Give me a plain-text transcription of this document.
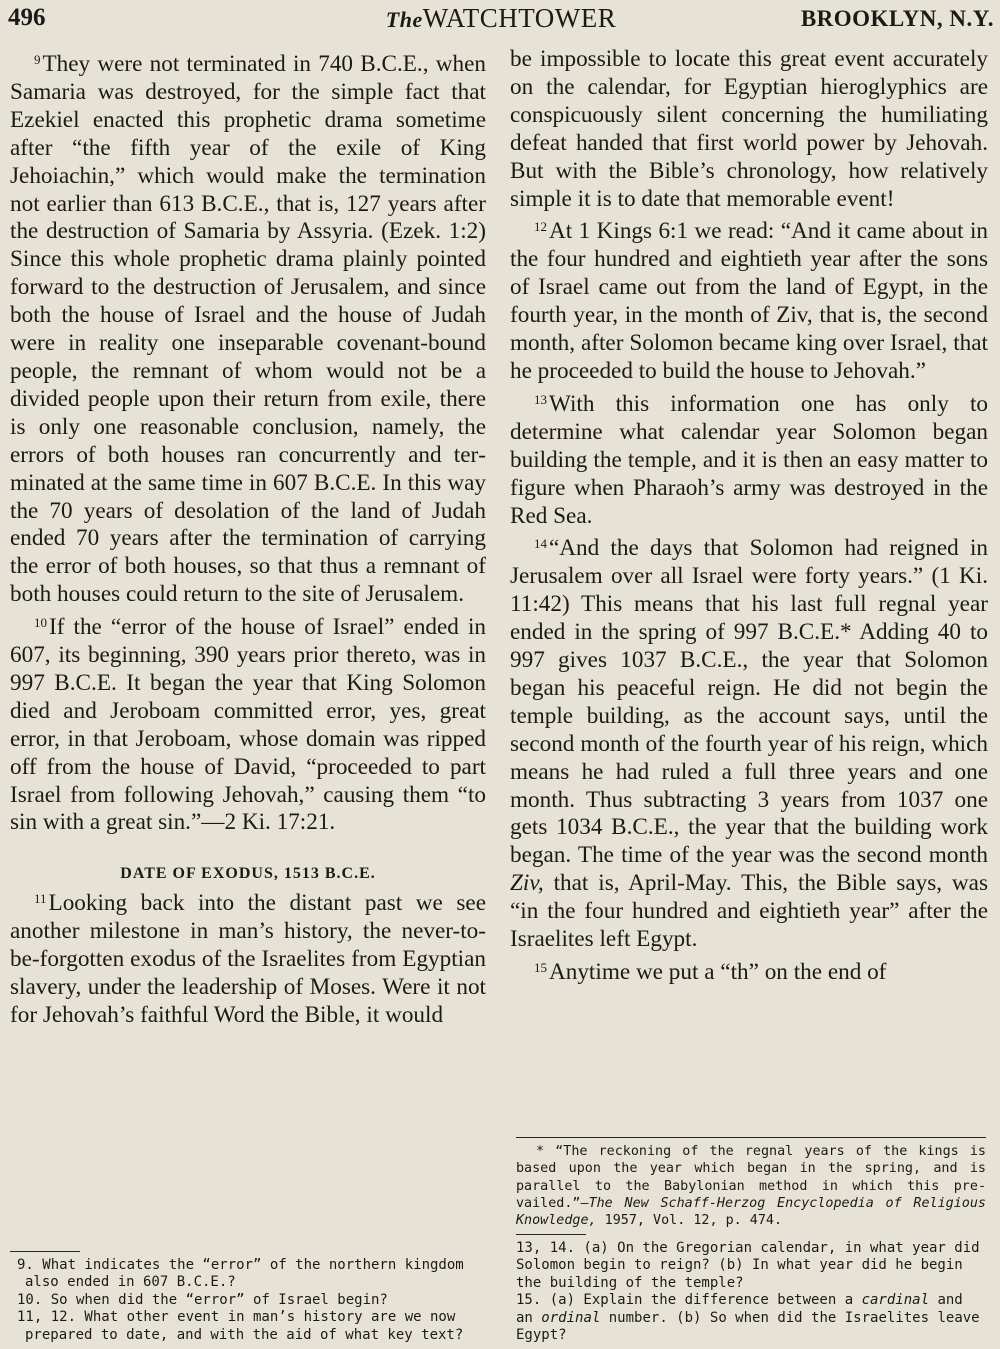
496	TheWATCHTOWER	BROOKLYN, N.Y.

$^9$They were not terminated in 740 B.C.E., when Samaria was destroyed, for the simple fact that Ezekiel enacted this prophetic drama sometime after “the fifth year of the exile of King Jehoiachin,” which would make the termination not earlier than 613 B.C.E., that is, 127 years after the destruction of Samaria by Assyria. (Ezek. 1:2) Since this whole prophetic drama plainly pointed forward to the destruction of Jerusalem, and since both the house of Israel and the house of Judah were in reality one inseparable covenant-bound people, the remnant of whom would not be a divided people upon their return from exile, there is only one reasonable conclusion, namely, the errors of both houses ran concurrently and terminated at the same time in 607 B.C.E. In this way the 70 years of desolation of the land of Judah ended 70 years after the termination of carrying the error of both houses, so that thus a remnant of both houses could return to the site of Jerusalem.

$^{10}$If the “error of the house of Israel” ended in 607, its beginning, 390 years prior thereto, was in 997 B.C.E. It began the year that King Solomon died and Jeroboam committed error, yes, great error, in that Jeroboam, whose domain was ripped off from the house of David, “proceeded to part Israel from following Jehovah,” causing them “to sin with a great sin.”—2 Ki. 17:21.

DATE OF EXODUS, 1513 B.C.E.

$^{11}$Looking back into the distant past we see another milestone in man’s history, the never-to-be-forgotten exodus of the Israelites from Egyptian slavery, under the leadership of Moses. Were it not for Jehovah’s faithful Word the Bible, it would

be impossible to locate this great event accurately on the calendar, for Egyptian hieroglyphics are conspicuously silent concerning the humiliating defeat handed that first world power by Jehovah. But with the Bible’s chronology, how relatively simple it is to date that memorable event!

$^{12}$At 1 Kings 6:1 we read: “And it came about in the four hundred and eightieth year after the sons of Israel came out from the land of Egypt, in the fourth year, in the month of Ziv, that is, the second month, after Solomon became king over Israel, that he proceeded to build the house to Jehovah.”

$^{13}$With this information one has only to determine what calendar year Solomon began building the temple, and it is then an easy matter to figure when Pharaoh’s army was destroyed in the Red Sea.

$^{14}$“And the days that Solomon had reigned in Jerusalem over all Israel were forty years.” (1 Ki. 11:42) This means that his last full regnal year ended in the spring of 997 B.C.E.* Adding 40 to 997 gives 1037 B.C.E., the year that Solomon began his peaceful reign. He did not begin the temple building, as the account says, until the second month of the fourth year of his reign, which means he had ruled a full three years and one month. Thus subtracting 3 years from 1037 one gets 1034 B.C.E., the year that the building work began. The time of the year was the second month Ziv, that is, April-May. This, the Bible says, was “in the four hundred and eightieth year” after the Israelites left Egypt.

$^{15}$Anytime we put a “th” on the end of

* “The reckoning of the regnal years of the kings is based upon the year which began in the spring, and is parallel to the Babylonian method in which this prevailed.”—The New Schaff-Herzog Encyclopedia of Religious Knowledge, 1957, Vol. 12, p. 474.

13, 14. (a) On the Gregorian calendar, in what year did Solomon begin to reign? (b) In what year did he begin the building of the temple?

15. (a) Explain the difference between a cardinal and an ordinal number. (b) So when did the Israelites leave Egypt?

9. What indicates the “error” of the northern kingdom also ended in 607 B.C.E.?

10. So when did the “error” of Israel begin?

11, 12. What other event in man’s history are we now prepared to date, and with the aid of what key text?
